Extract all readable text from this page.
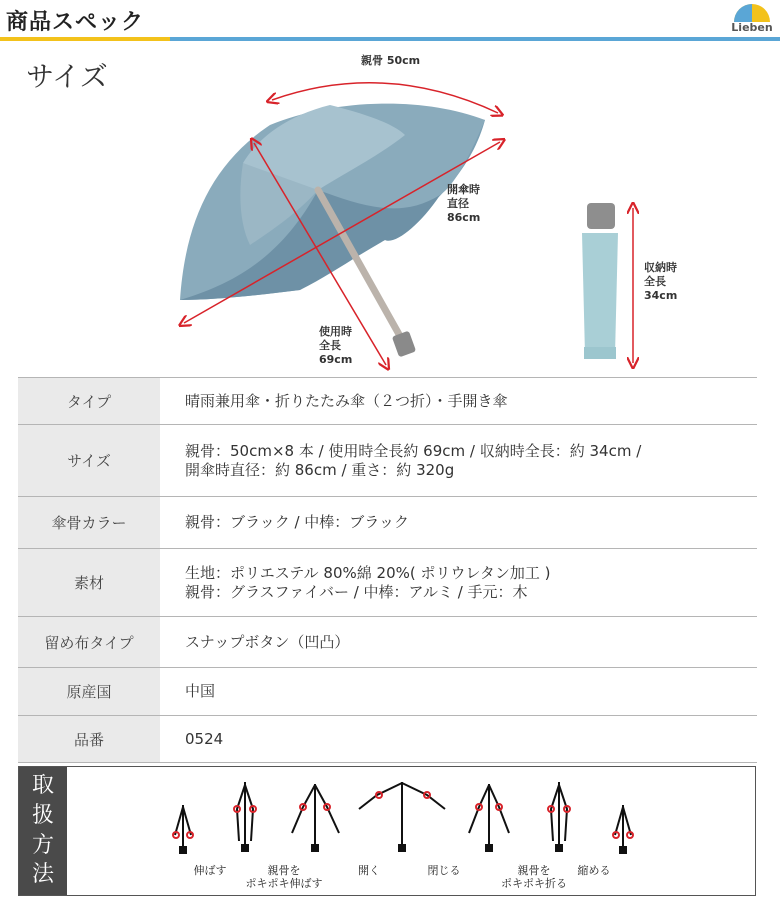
商品スペック	Lieben
サイズ	親骨 50cm
開傘時
直径
86cm
使用時
全長
69cm
収納時
全長
34cm
タイプ	晴雨兼用傘・折りたたみ傘（２つ折）・手開き傘
サイズ	親骨：50cm×8 本 / 使用時全長約 69cm / 収納時全長：約 34cm /
開傘時直径：約 86cm / 重さ：約 320g

傘骨カラー	親骨：ブラック / 中棒：ブラック
素材	生地：ポリエステル 80%綿 20%( ポリウレタン加工 )
親骨：グラスファイバー / 中棒：アルミ / 手元：木

留め布タイプ	スナップボタン（凹凸）
原産国	中国
品番	0524
取
扱
方
法	伸ばす	親骨を
ポキポキ伸ばす
開く	閉じる	親骨を
ポキポキ折る
縮める
